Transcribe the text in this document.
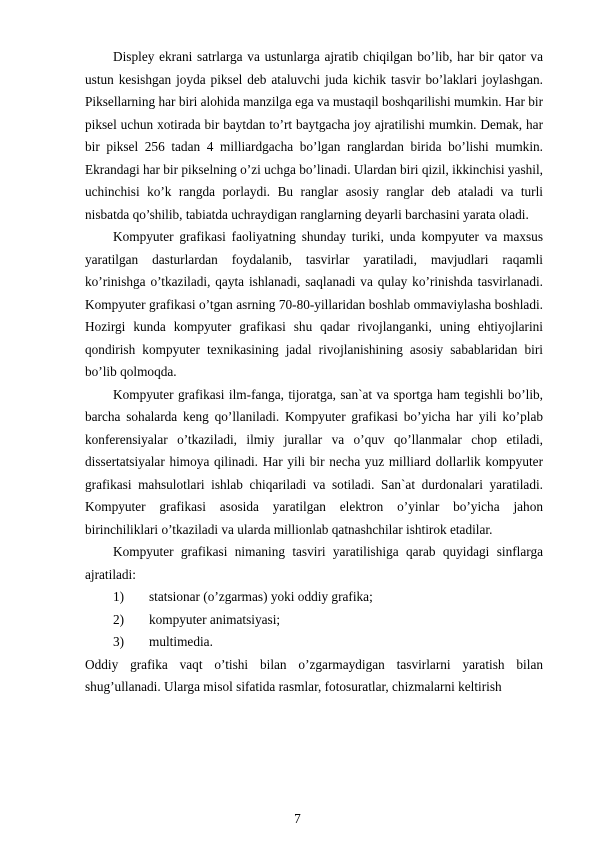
Displey ekrani satrlarga va ustunlarga ajratib chiqilgan bo’lib, har bir qator va ustun kesishgan joyda piksel deb ataluvchi juda kichik tasvir bo’laklari joylashgan. Piksellarning har biri alohida manzilga ega va mustaqil boshqarilishi mumkin. Har bir piksel uchun xotirada bir baytdan to’rt baytgacha joy ajratilishi mumkin. Demak, har bir piksel 256 tadan 4 milliardgacha bo’lgan ranglardan birida bo’lishi mumkin. Ekrandagi har bir pikselning o’zi uchga bo’linadi. Ulardan biri qizil, ikkinchisi yashil, uchinchisi ko’k rangda porlaydi. Bu ranglar asosiy ranglar deb ataladi va turli nisbatda qo’shilib, tabiatda uchraydigan ranglarning deyarli barchasini yarata oladi.

Kompyuter grafikasi faoliyatning shunday turiki, unda kompyuter va maxsus yaratilgan dasturlardan foydalanib, tasvirlar yaratiladi, mavjudlari raqamli ko’rinishga o’tkaziladi, qayta ishlanadi, saqlanadi va qulay ko’rinishda tasvirlanadi. Kompyuter grafikasi o’tgan asrning 70-80-yillaridan boshlab ommaviylasha boshladi. Hozirgi kunda kompyuter grafikasi shu qadar rivojlanganki, uning ehtiyojlarini qondirish kompyuter texnikasining jadal rivojlanishining asosiy sabablaridan biri bo’lib qolmoqda.

Kompyuter grafikasi ilm-fanga, tijoratga, san`at va sportga ham tegishli bo’lib, barcha sohalarda keng qo’llaniladi. Kompyuter grafikasi bo’yicha har yili ko’plab konferensiyalar o’tkaziladi, ilmiy jurallar va o’quv qo’llanmalar chop etiladi, dissertatsiyalar himoya qilinadi. Har yili bir necha yuz milliard dollarlik kompyuter grafikasi mahsulotlari ishlab chiqariladi va sotiladi. San`at durdonalari yaratiladi. Kompyuter grafikasi asosida yaratilgan elektron o’yinlar bo’yicha jahon birinchiliklari o’tkaziladi va ularda millionlab qatnashchilar ishtirok etadilar.

Kompyuter grafikasi nimaning tasviri yaratilishiga qarab quyidagi sinflarga ajratiladi:

1)	statsionar (o’zgarmas) yoki oddiy grafika;
2)	kompyuter animatsiyasi;
3)	multimedia.

Oddiy grafika vaqt o’tishi bilan o’zgarmaydigan tasvirlarni yaratish bilan shug’ullanadi. Ularga misol sifatida rasmlar, fotosuratlar, chizmalarni keltirish

7
